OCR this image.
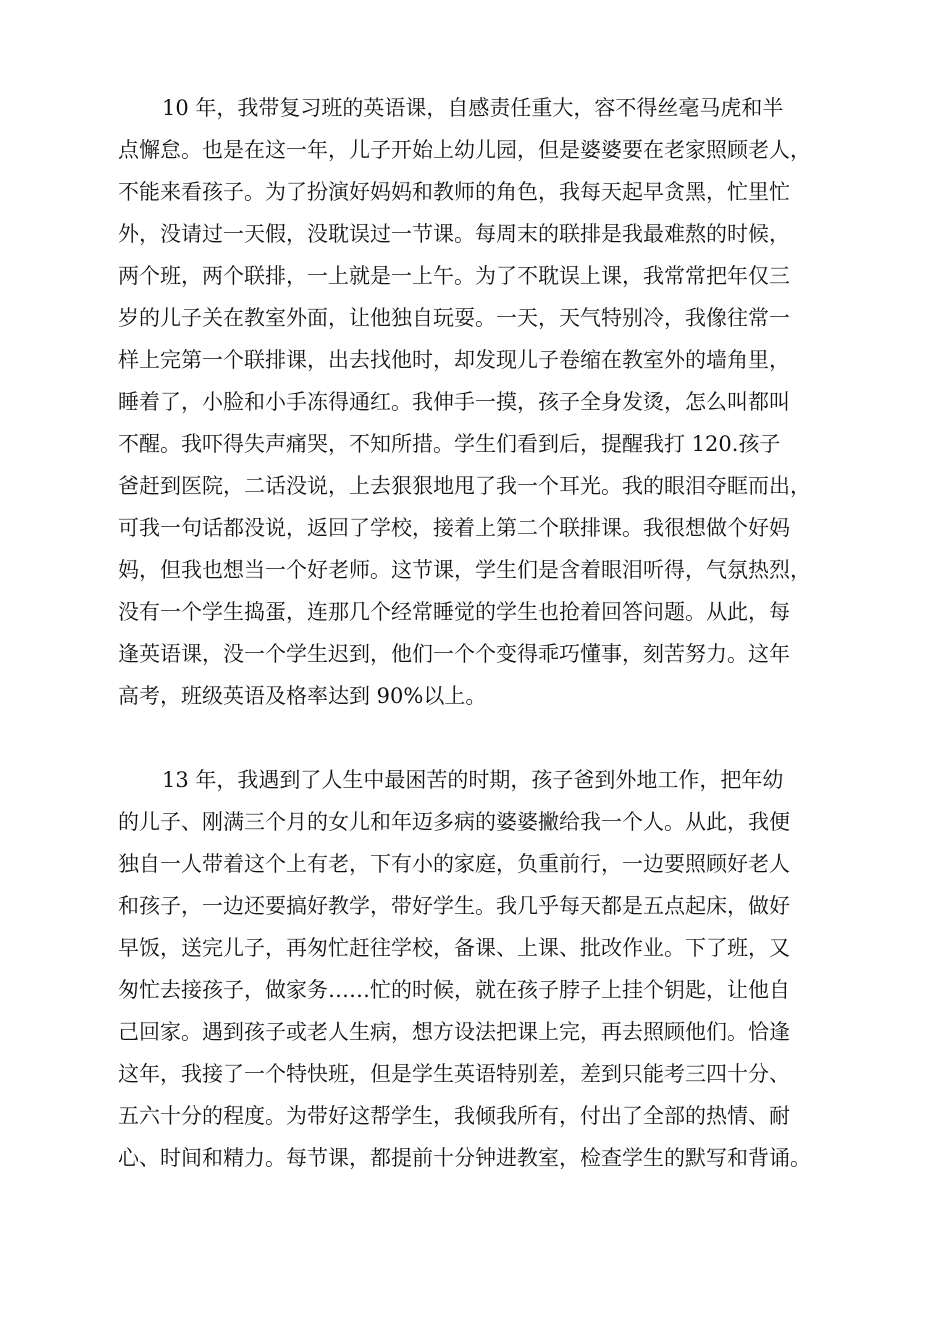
10 年，我带复习班的英语课，自感责任重大，容不得丝毫马虎和半
点懈怠。也是在这一年，儿子开始上幼儿园，但是婆婆要在老家照顾老人，
不能来看孩子。为了扮演好妈妈和教师的角色，我每天起早贪黑，忙里忙
外，没请过一天假，没耽误过一节课。每周末的联排是我最难熬的时候，
两个班，两个联排，一上就是一上午。为了不耽误上课，我常常把年仅三
岁的儿子关在教室外面，让他独自玩耍。一天，天气特别冷，我像往常一
样上完第一个联排课，出去找他时，却发现儿子卷缩在教室外的墙角里，
睡着了，小脸和小手冻得通红。我伸手一摸，孩子全身发烫，怎么叫都叫
不醒。我吓得失声痛哭，不知所措。学生们看到后，提醒我打 120.孩子
爸赶到医院，二话没说，上去狠狠地甩了我一个耳光。我的眼泪夺眶而出，
可我一句话都没说，返回了学校，接着上第二个联排课。我很想做个好妈
妈，但我也想当一个好老师。这节课，学生们是含着眼泪听得，气氛热烈，
没有一个学生捣蛋，连那几个经常睡觉的学生也抢着回答问题。从此，每
逢英语课，没一个学生迟到，他们一个个变得乖巧懂事，刻苦努力。这年
高考，班级英语及格率达到 90%以上。
13 年，我遇到了人生中最困苦的时期，孩子爸到外地工作，把年幼
的儿子、刚满三个月的女儿和年迈多病的婆婆撇给我一个人。从此，我便
独自一人带着这个上有老，下有小的家庭，负重前行，一边要照顾好老人
和孩子，一边还要搞好教学，带好学生。我几乎每天都是五点起床，做好
早饭，送完儿子，再匆忙赶往学校，备课、上课、批改作业。下了班，又
匆忙去接孩子，做家务……忙的时候，就在孩子脖子上挂个钥匙，让他自
己回家。遇到孩子或老人生病，想方设法把课上完，再去照顾他们。恰逢
这年，我接了一个特快班，但是学生英语特别差，差到只能考三四十分、
五六十分的程度。为带好这帮学生，我倾我所有，付出了全部的热情、耐
心、时间和精力。每节课，都提前十分钟进教室，检查学生的默写和背诵。
